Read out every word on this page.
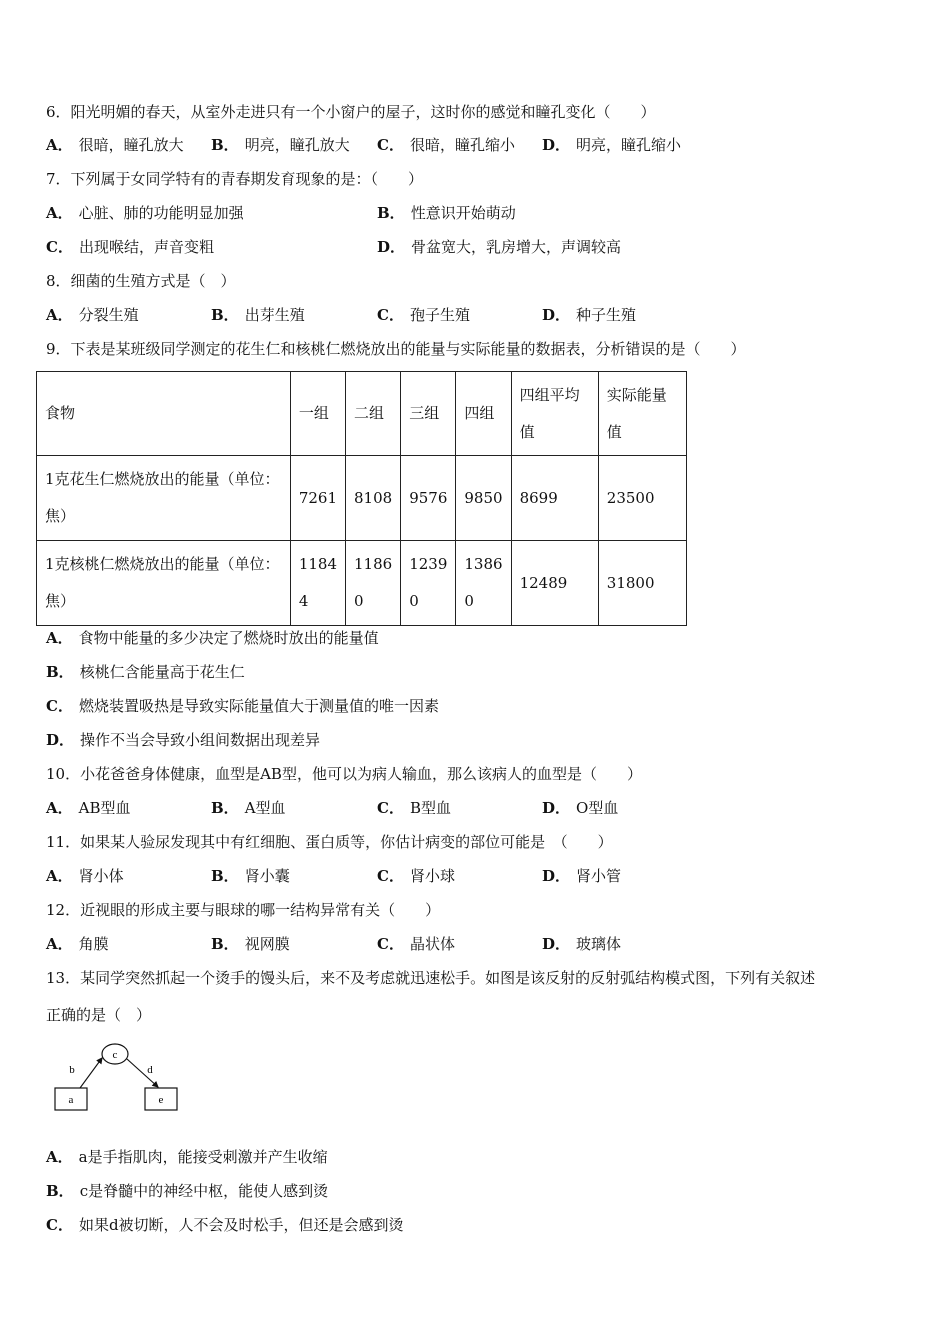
6．阳光明媚的春天，从室外走进只有一个小窗户的屋子，这时你的感觉和瞳孔变化（　　）
A． 很暗，瞳孔放大 B． 明亮，瞳孔放大 C． 很暗，瞳孔缩小 D． 明亮，瞳孔缩小
7．下列属于女同学特有的青春期发育现象的是：（　　）
A． 心脏、肺的功能明显加强	B． 性意识开始萌动
C． 出现喉结，声音变粗	D． 骨盆宽大，乳房增大，声调较高
8．细菌的生殖方式是（　）
A． 分裂生殖	B． 出芽生殖	C． 孢子生殖	D． 种子生殖
9．下表是某班级同学测定的花生仁和核桃仁燃烧放出的能量与实际能量的数据表，分析错误的是（　　）
食物	一组	二组	三组	四组	四组平均值	实际能量值
1克花生仁燃烧放出的能量（单位：焦）	7261	8108	9576	9850	8699	23500
1克核桃仁燃烧放出的能量（单位：焦）	11844	11860	12390	13860	12489	31800
A． 食物中能量的多少决定了燃烧时放出的能量值
B． 核桃仁含能量高于花生仁
C． 燃烧装置吸热是导致实际能量值大于测量值的唯一因素
D． 操作不当会导致小组间数据出现差异
10．小花爸爸身体健康，血型是AB型，他可以为病人输血，那么该病人的血型是（　　）
A． AB型血	B． A型血	C． B型血	D． O型血
11．如果某人验尿发现其中有红细胞、蛋白质等，你估计病变的部位可能是　（　　）
A． 肾小体	B． 肾小囊	C． 肾小球	D． 肾小管
12．近视眼的形成主要与眼球的哪一结构异常有关（　　）
A． 角膜	B． 视网膜	C． 晶状体	D． 玻璃体
13．某同学突然抓起一个烫手的馒头后，来不及考虑就迅速松手。如图是该反射的反射弧结构模式图，下列有关叙述
正确的是（　）
c
a	e
b	d
A． a是手指肌肉，能接受刺激并产生收缩
B． c是脊髓中的神经中枢，能使人感到烫
C． 如果d被切断，人不会及时松手，但还是会感到烫
